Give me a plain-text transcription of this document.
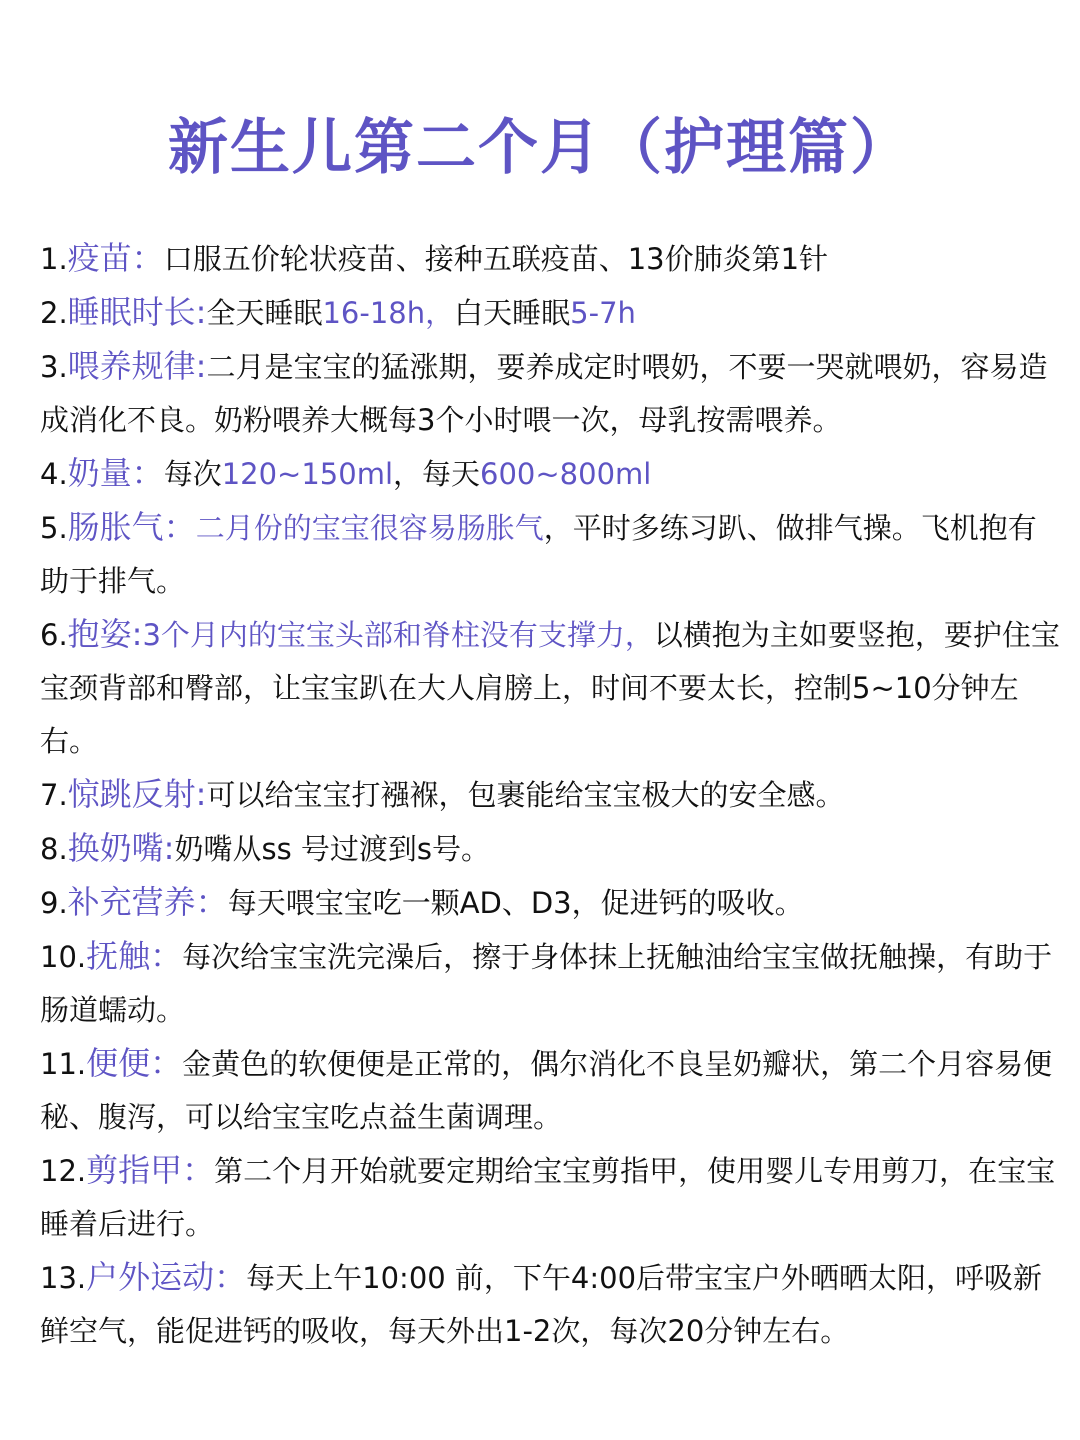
新生儿第二个月（护理篇）

1.疫苗：口服五价轮状疫苗、接种五联疫苗、13价肺炎第1针

2.睡眠时长:全天睡眠16-18h，白天睡眠5-7h

3.喂养规律:二月是宝宝的猛涨期，要养成定时喂奶，不要一哭就喂奶，容易造成消化不良。奶粉喂养大概每3个小时喂一次，母乳按需喂养。

4.奶量：每次120~150ml，每天600~800ml

5.肠胀气：二月份的宝宝很容易肠胀气，平时多练习趴、做排气操。飞机抱有助于排气。

6.抱姿:3个月内的宝宝头部和脊柱没有支撑力，以横抱为主如要竖抱，要护住宝宝颈背部和臀部，让宝宝趴在大人肩膀上，时间不要太长，控制5~10分钟左右。

7.惊跳反射:可以给宝宝打襁褓，包裹能给宝宝极大的安全感。

8.换奶嘴:奶嘴从ss 号过渡到s号。

9.补充营养：每天喂宝宝吃一颗AD、D3，促进钙的吸收。

10.抚触：每次给宝宝洗完澡后，擦于身体抹上抚触油给宝宝做抚触操，有助于肠道蠕动。

11.便便：金黄色的软便便是正常的，偶尔消化不良呈奶瓣状，第二个月容易便秘、腹泻，可以给宝宝吃点益生菌调理。

12.剪指甲：第二个月开始就要定期给宝宝剪指甲，使用婴儿专用剪刀，在宝宝睡着后进行。

13.户外运动：每天上午10:00 前，下午4:00后带宝宝户外晒晒太阳，呼吸新鲜空气，能促进钙的吸收，每天外出1-2次，每次20分钟左右。
